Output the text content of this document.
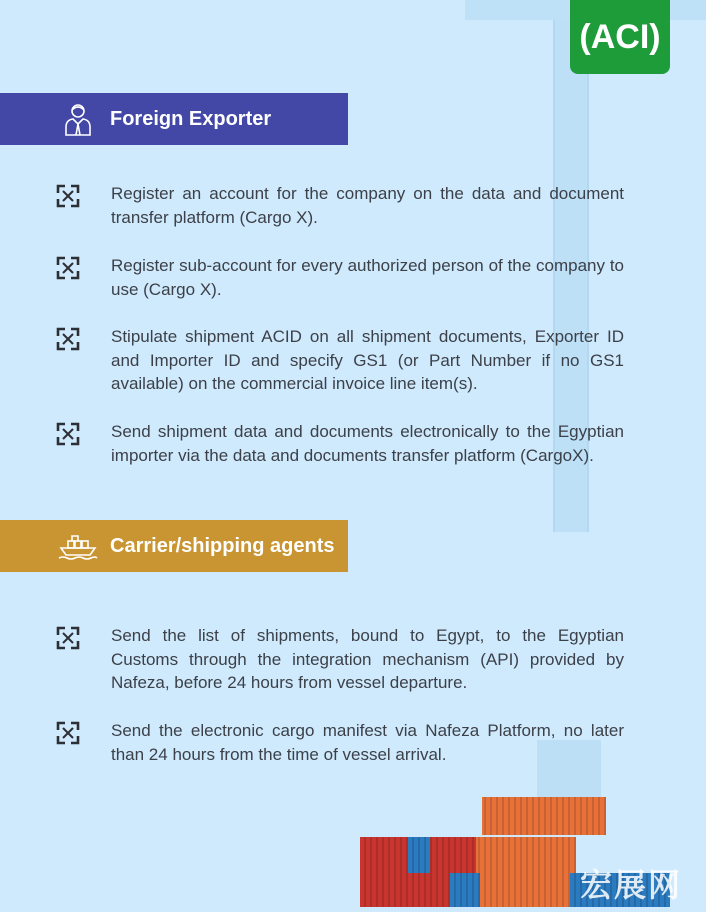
(ACI)
Foreign Exporter
Register an account for the company on the data and document transfer platform (Cargo X).
Register sub-account for every authorized person of the company to use (Cargo X).
Stipulate shipment ACID on all shipment documents, Exporter ID and Importer ID and specify GS1 (or Part Number if no GS1 available) on the commercial invoice line item(s).
Send shipment data and documents electronically to the Egyptian importer via the data and documents transfer platform (CargoX).
Carrier/shipping agents
Send the list of shipments, bound to Egypt, to the Egyptian Customs through the integration mechanism (API) provided by Nafeza, before 24 hours from vessel departure.
Send the electronic cargo manifest via Nafeza Platform, no later than 24 hours from the time of vessel arrival.
宏展网
